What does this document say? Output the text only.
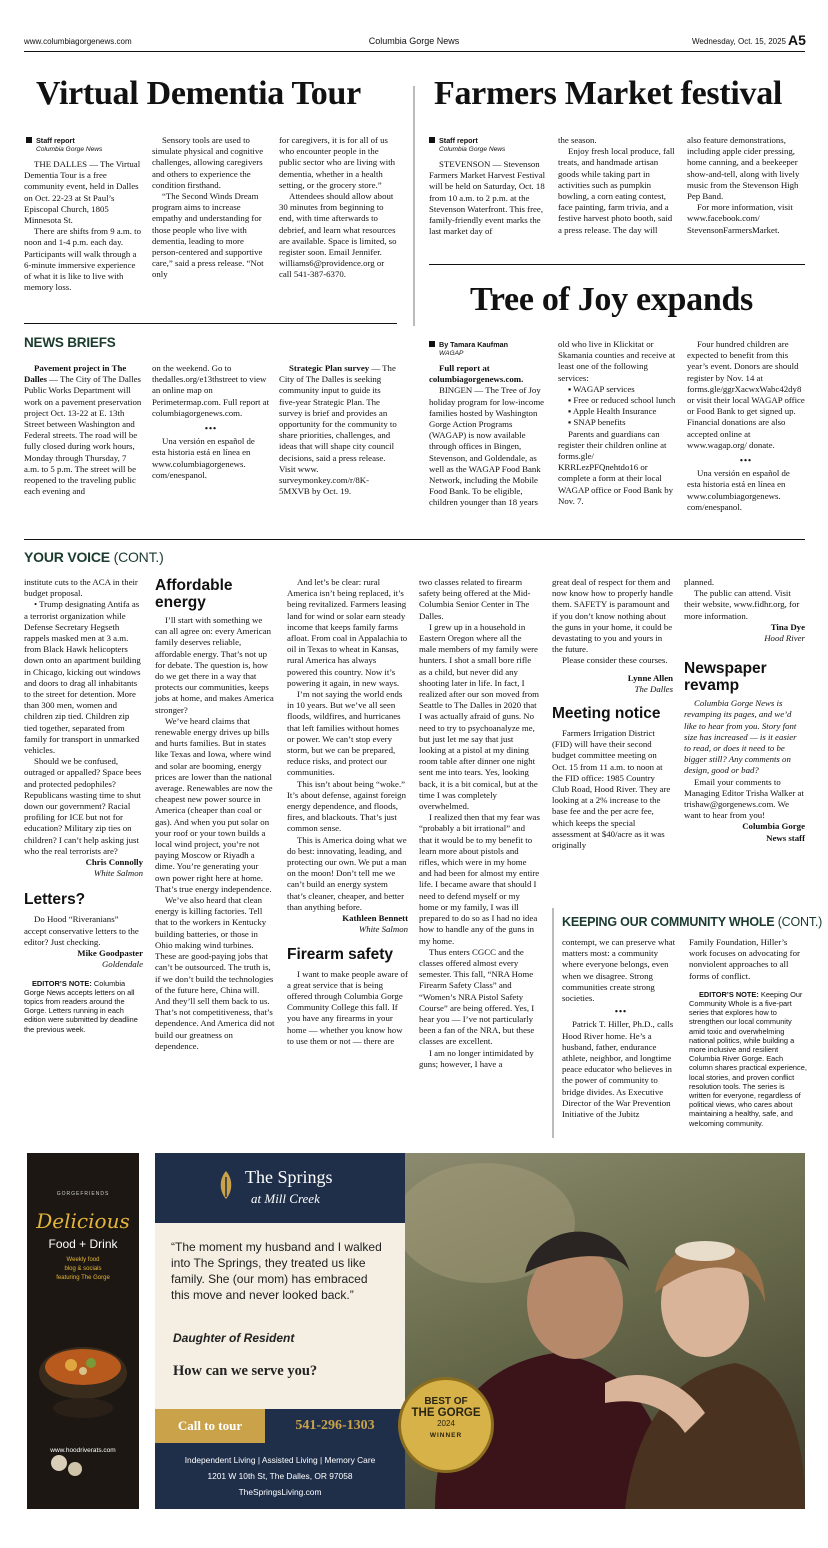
www.columbiagorgenews.com	Columbia Gorge News	Wednesday, Oct. 15, 2025 A5
Virtual Dementia Tour
Staff report
Columbia Gorge News

THE DALLES — The Virtual Dementia Tour is a free community event, held in Dalles on Oct. 22-23 at St Paul’s Episcopal Church, 1805 Minnesota St.

There are shifts from 9 a.m. to noon and 1-4 p.m. each day. Participants will walk through a 6-minute immersive experience of what it is like to live with memory loss.

Sensory tools are used to simulate physical and cognitive challenges, allowing caregivers and others to experience the condition firsthand.

“The Second Winds Dream program aims to increase empathy and understanding for those people who live with dementia, leading to more person-centered and supportive care,” said a press release. “Not only

for caregivers, it is for all of us who encounter people in the public sector who are living with dementia, whether in a health setting, or the grocery store.”

Attendees should allow about 30 minutes from beginning to end, with time afterwards to debrief, and learn what resources are available. Space is limited, so register soon. Email Jennifer. williams6@providence.org or call 541-387-6370.

Farmers Market festival
Staff report
Columbia Gorge News

STEVENSON — Stevenson Farmers Market Harvest Festival will be held on Saturday, Oct. 18 from 10 a.m. to 2 p.m. at the Stevenson Waterfront. This free, family-friendly event marks the last market day of

the season.

Enjoy fresh local produce, fall treats, and handmade artisan goods while taking part in activities such as pumpkin bowling, a corn eating contest, face painting, farm trivia, and a festive harvest photo booth, said a press release. The day will

also feature demonstrations, including apple cider pressing, home canning, and a beekeeper show-and-tell, along with lively music from the Stevenson High Pep Band.

For more information, visit www.facebook.com/ StevensonFarmersMarket.

Tree of Joy expands
NEWS BRIEFS

Pavement project in The Dalles — The City of The Dalles Public Works Department will work on a pavement preservation project Oct. 13-22 at E. 13th Street between Washington and Federal streets. The road will be fully closed during work hours, Monday through Thursday, 7 a.m. to 5 p.m. The street will be reopened to the traveling public each evening and

on the weekend. Go to thedalles.org/e13thstreet to view an online map on Perimetermap.com. Full report at columbiagorgenews.com.

•••

Una versión en español de esta historia está en línea en www.columbiagorgenews. com/enespanol.

Strategic Plan survey — The City of The Dalles is seeking community input to guide its five-year Strategic Plan. The survey is brief and provides an opportunity for the community to share priorities, challenges, and ideas that will shape city council decisions, said a press release. Visit www. surveymonkey.com/r/8K-5MXVB by Oct. 19.

By Tamara Kaufman
WAGAP

Full report at columbiagorgenews.com.

BINGEN — The Tree of Joy holiday program for low-income families hosted by Washington Gorge Action Programs (WAGAP) is now available through offices in Bingen, Stevenson, and Goldendale, as well as the WAGAP Food Bank Network, including the Mobile Food Bank. To be eligible, children younger than 18 years

old who live in Klickitat or Skamania counties and receive at least one of the following services:

▪ WAGAP services

▪ Free or reduced school lunch

▪ Apple Health Insurance

▪ SNAP benefits

Parents and guardians can register their children online at forms.gle/ KRRLezPFQnehtdo16 or complete a form at their local WAGAP office or Food Bank by Nov. 7.

Four hundred children are expected to benefit from this year’s event. Donors are should register by Nov. 14 at forms.gle/ggrXacwxWabc42dy8 or visit their local WAGAP office or Food Bank to get signed up. Financial donations are also accepted online at www.wagap.org/ donate.

•••

Una versión en español de esta historia está en línea en www.columbiagorgenews. com/enespanol.

YOUR VOICE (CONT.)

institute cuts to the ACA in their budget proposal.

• Trump designating Antifa as a terrorist organization while Defense Secretary Hegseth rappels masked men at 3 a.m. from Black Hawk helicopters down onto an apartment building in Chicago, kicking out windows and doors to drag all inhabitants to the street for detention. More than 300 men, women and children zip tied. Children zip tied together, separated from family for transport in unmarked vehicles.

Should we be confused, outraged or appalled? Space bees and protected pedophiles? Republicans wasting time to shut down our government? Racial profiling for ICE but not for education? Military zip ties on children? I can’t help asking just who the real terrorists are?

Chris Connolly
White Salmon
Letters?

Do Hood “Riveranians” accept conservative letters to the editor? Just checking.

Mike Goodpaster
Goldendale

EDITOR’S NOTE: Columbia Gorge News accepts letters on all topics from readers around the Gorge. Letters running in each edition were submitted by deadline the previous week.

Affordable energy

I’ll start with something we can all agree on: every American family deserves reliable, affordable energy. That’s not up for debate. The question is, how do we get there in a way that protects our communities, keeps jobs at home, and makes America stronger?

We’ve heard claims that renewable energy drives up bills and hurts families. But in states like Texas and Iowa, where wind and solar are booming, energy prices are lower than the national average. Renewables are now the cheapest new power source in America (cheaper than coal or gas). And when you put solar on your roof or your town builds a local wind project, you’re not paying Moscow or Riyadh a dime. You’re generating your own power right here at home. That’s true energy independence.

We’ve also heard that clean energy is killing factories. Tell that to the workers in Kentucky building batteries, or those in Ohio making wind turbines. These are good-paying jobs that can’t be outsourced. The truth is, if we don’t build the technologies of the future here, China will. And they’ll sell them back to us. That’s not competitiveness, that’s dependence. And America did not build our greatness on dependence.

And let’s be clear: rural America isn’t being replaced, it’s being revitalized. Farmers leasing land for wind or solar earn steady income that keeps family farms afloat. From coal in Appalachia to oil in Texas to wheat in Kansas, rural America has always powered this country. Now it’s powering it again, in new ways.

I’m not saying the world ends in 10 years. But we’ve all seen floods, wildfires, and hurricanes that left families without homes or power. We can’t stop every storm, but we can be prepared, reduce risks, and protect our communities.

This isn’t about being “woke.” It’s about defense, against foreign energy dependence, and floods, fires, and blackouts. That’s just common sense.

This is America doing what we do best: innovating, leading, and protecting our own. We put a man on the moon! Don’t tell me we can’t build an energy system that’s cleaner, cheaper, and better than anything before.

Kathleen Bennett
White Salmon
Firearm safety

I want to make people aware of a great service that is being offered through Columbia Gorge Community College this fall. If you have any firearms in your home — whether you know how to use them or not — there are

two classes related to firearm safety being offered at the Mid-Columbia Senior Center in The Dalles.

I grew up in a household in Eastern Oregon where all the male members of my family were hunters. I shot a small bore rifle as a child, but never did any shooting later in life. In fact, I realized after our son moved from Seattle to The Dalles in 2020 that I was actually afraid of guns. No need to try to psychoanalyze me, but just let me say that just looking at a pistol at my dining room table after dinner one night sent me into tears. Yes, looking back, it is a bit comical, but at the time I was completely overwhelmed.

I realized then that my fear was “probably a bit irrational” and that it would be to my benefit to learn more about pistols and rifles, which were in my home and had been for almost my entire life. I became aware that should I need to defend myself or my home or my family, I was ill prepared to do so as I had no idea how to handle any of the guns in my home.

Thus enters CGCC and the classes offered almost every semester. This fall, “NRA Home Firearm Safety Class” and “Women’s NRA Pistol Safety Course” are being offered. Yes, I hear you — I’ve not particularly been a fan of the NRA, but these classes are excellent.

I am no longer intimidated by guns; however, I have a

great deal of respect for them and now know how to properly handle them. SAFETY is paramount and if you don’t know nothing about the guns in your home, it could be devastating to you and yours in the future.

Please consider these courses.

Lynne Allen
The Dalles
Meeting notice

Farmers Irrigation District (FID) will have their second budget committee meeting on Oct. 15 from 11 a.m. to noon at the FID office: 1985 Country Club Road, Hood River. They are looking at a 2% increase to the base fee and the per acre fee, which keeps the special assessment at $40/acre as it was originally

planned.

The public can attend. Visit their website, www.fidhr.org, for more information.

Tina Dye
Hood River
Newspaper revamp

Columbia Gorge News is revamping its pages, and we’d like to hear from you. Story font size has increased — is it easier to read, or does it need to be bigger still? Any comments on design, good or bad?

Email your comments to Managing Editor Trisha Walker at trishaw@gorgenews.com. We want to hear from you!

Columbia Gorge News staff
KEEPING OUR COMMUNITY WHOLE (CONT.)

contempt, we can preserve what matters most: a community where everyone belongs, even when we disagree. Strong communities create strong societies.

•••

Patrick T. Hiller, Ph.D., calls Hood River home. He’s a husband, father, endurance athlete, neighbor, and longtime peace educator who believes in the power of community to bridge divides. As Executive Director of the War Prevention Initiative of the Jubitz

Family Foundation, Hiller’s work focuses on advocating for nonviolent approaches to all forms of conflict.

EDITOR’S NOTE: Keeping Our Community Whole is a five-part series that explores how to strengthen our local community amid toxic and overwhelming national politics, while building a more inclusive and resilient Columbia River Gorge. Each column shares practical experience, local stories, and proven conflict resolution tools. The series is written for everyone, regardless of political views, who cares about maintaining a healthy, safe, and welcoming community.

GORGEFRIENDS
Delicious
Food + Drink
Weekly food
blog & socials
featuring The Gorge
www.hoodriverats.com
The Springs
at Mill Creek
“The moment my husband and I walked into The Springs, they treated us like family. She (our mom) has embraced this move and never looked back.”
Daughter of Resident
How can we serve you?
Call to tour	541-296-1303
Independent Living | Assisted Living | Memory Care
1201 W 10th St, The Dalles, OR 97058
TheSpringsLiving.com
BEST OF
THE GORGE
2024
WINNER
